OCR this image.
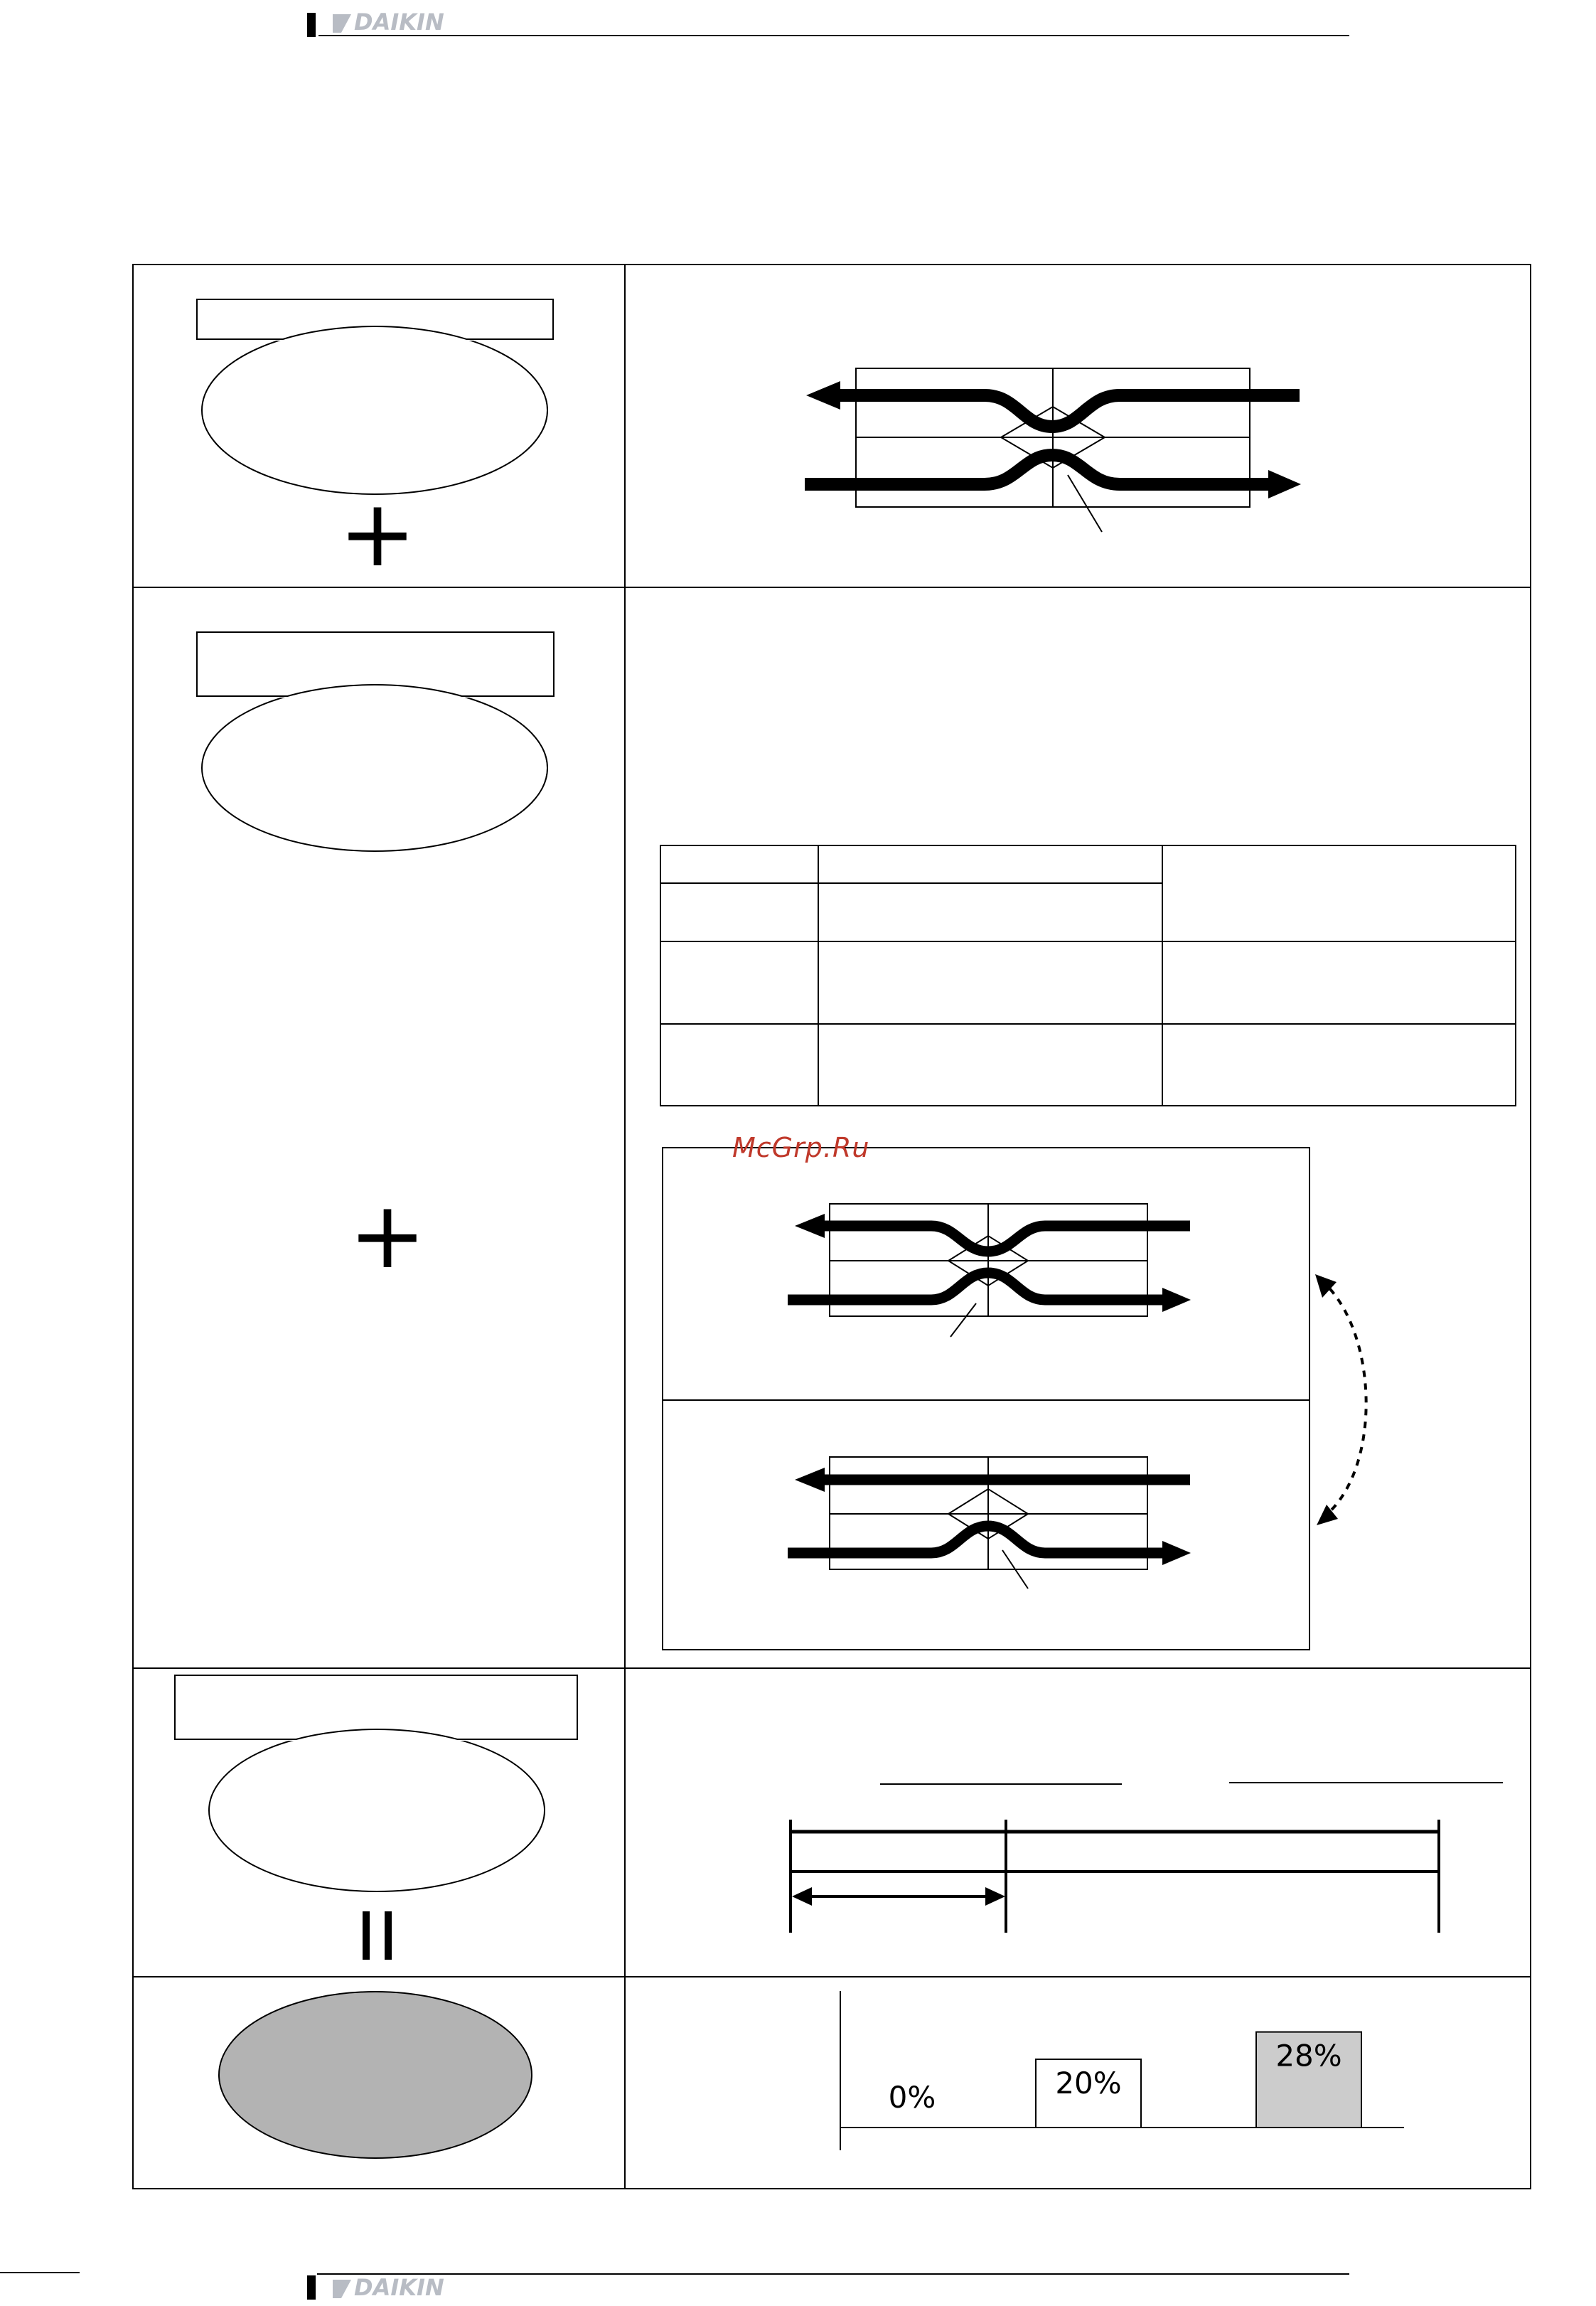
DAIKIN
+
+
0%	20%
28%
DAIKIN
McGrp.Ru
